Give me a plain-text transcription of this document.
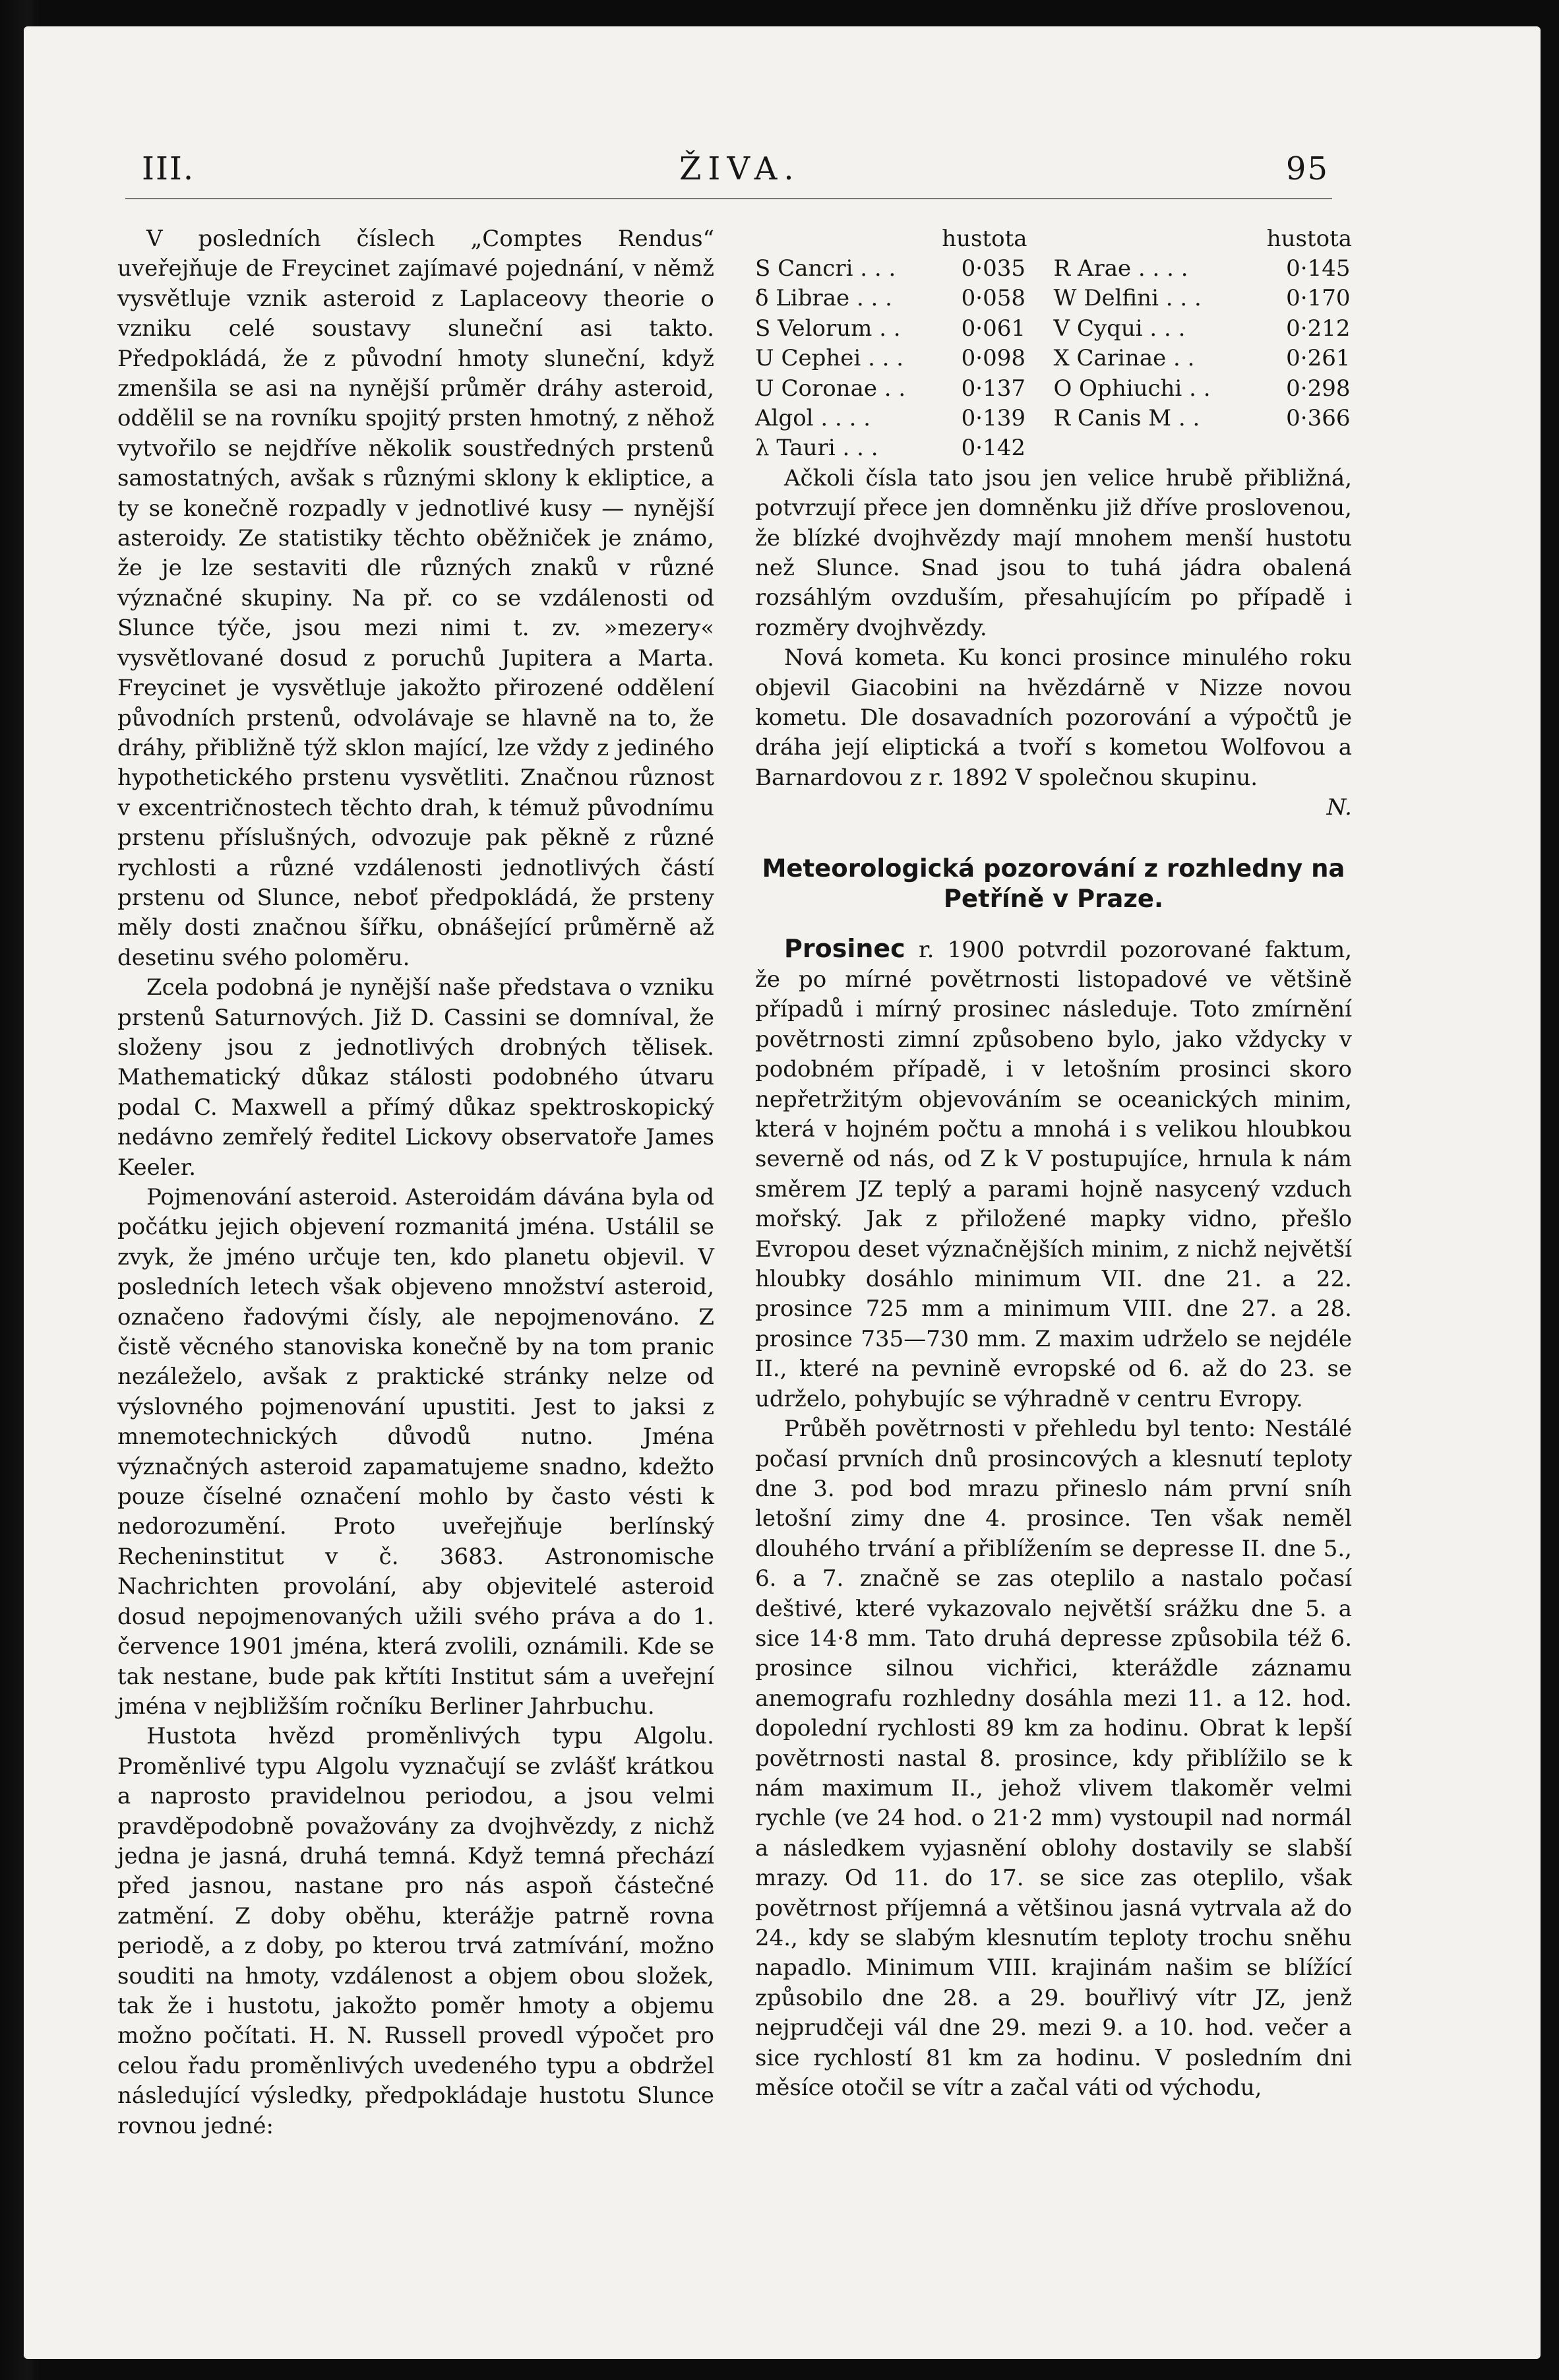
III.	ŽIVA.	95

V posledních číslech „Comptes Rendus“ uveřejňuje de Freycinet zajímavé pojednání, v němž vysvětluje vznik asteroid z Laplaceovy theorie o vzniku celé soustavy sluneční asi takto. Předpokládá, že z původní hmoty sluneční, když zmenšila se asi na nynější průměr dráhy asteroid, oddělil se na rovníku spojitý prsten hmotný, z něhož vytvořilo se nejdříve několik soustředných prstenů samostatných, avšak s různými sklony k ekliptice, a ty se konečně rozpadly v jednotlivé kusy — nynější asteroidy. Ze statistiky těchto oběžniček je známo, že je lze sestaviti dle různých znaků v různé význačné skupiny. Na př. co se vzdálenosti od Slunce týče, jsou mezi nimi t. zv. »mezery« vysvětlované dosud z poruchů Jupitera a Marta. Freycinet je vysvětluje jakožto přirozené oddělení původních prstenů, odvolávaje se hlavně na to, že dráhy, přibližně týž sklon mající, lze vždy z jediného hypothetického prstenu vysvětliti. Značnou různost v excentričnostech těchto drah, k témuž původnímu prstenu příslušných, odvozuje pak pěkně z různé rychlosti a různé vzdálenosti jednotlivých částí prstenu od Slunce, neboť předpokládá, že prsteny měly dosti značnou šířku, obnášející průměrně až desetinu svého poloměru.

Zcela podobná je nynější naše představa o vzniku prstenů Saturnových. Již D. Cassini se domníval, že složeny jsou z jednotlivých drobných tělisek. Mathematický důkaz stálosti podobného útvaru podal C. Maxwell a přímý důkaz spektroskopický nedávno zemřelý ředitel Lickovy observatoře James Keeler.

Pojmenování asteroid. Asteroidám dávána byla od počátku jejich objevení rozmanitá jména. Ustálil se zvyk, že jméno určuje ten, kdo planetu objevil. V posledních letech však objeveno množství asteroid, označeno řadovými čísly, ale nepojmenováno. Z čistě věcného stanoviska konečně by na tom pranic nezáleželo, avšak z praktické stránky nelze od výslovného pojmenování upustiti. Jest to jaksi z mnemotechnických důvodů nutno. Jména význačných asteroid zapamatujeme snadno, kdežto pouze číselné označení mohlo by často vésti k nedorozumění. Proto uveřejňuje berlínský Recheninstitut v č. 3683. Astronomische Nachrichten provolání, aby objevitelé asteroid dosud nepojmenovaných užili svého práva a do 1. července 1901 jména, která zvolili, oznámili. Kde se tak nestane, bude pak křtíti Institut sám a uveřejní jména v nejbližším ročníku Berliner Jahrbuchu.

Hustota hvězd proměnlivých typu Algolu. Proměnlivé typu Algolu vyznačují se zvlášť krátkou a naprosto pravidelnou periodou, a jsou velmi pravděpodobně považovány za dvojhvězdy, z nichž jedna je jasná, druhá temná. Když temná přechází před jasnou, nastane pro nás aspoň částečné zatmění. Z doby oběhu, kterážje patrně rovna periodě, a z doby, po kterou trvá zatmívání, možno souditi na hmoty, vzdálenost a objem obou složek, tak že i hustotu, jakožto poměr hmoty a objemu možno počítati. H. N. Russell provedl výpočet pro celou řadu proměnlivých uvedeného typu a obdržel následující výsledky, předpokládaje hustotu Slunce rovnou jedné:

hustota	hustota
S Cancri . . .	0·035 R Arae . . . .	0·145
δ Librae . . .	0·058 W Delfini . . .	0·170
S Velorum . .	0·061 V Cyqui . . .	0·212
U Cephei . . .	0·098 X Carinae . .	0·261
U Coronae . .	0·137 O Ophiuchi . .	0·298
Algol . . . .	0·139 R Canis M . .	0·366
λ Tauri . . .	0·142

Ačkoli čísla tato jsou jen velice hrubě přibližná, potvrzují přece jen domněnku již dříve proslovenou, že blízké dvojhvězdy mají mnohem menší hustotu než Slunce. Snad jsou to tuhá jádra obalená rozsáhlým ovzduším, přesahujícím po případě i rozměry dvojhvězdy.

Nová kometa. Ku konci prosince minulého roku objevil Giacobini na hvězdárně v Nizze novou kometu. Dle dosavadních pozorování a výpočtů je dráha její eliptická a tvoří s kometou Wolfovou a Barnardovou z r. 1892 V společnou skupinu.

N.

Meteorologická pozorování z rozhledny na Petříně v Praze.

Prosinec r. 1900 potvrdil pozorované faktum, že po mírné povětrnosti listopadové ve většině případů i mírný prosinec následuje. Toto zmírnění povětrnosti zimní způsobeno bylo, jako vždycky v podobném případě, i v letošním prosinci skoro nepřetržitým objevováním se oceanických minim, která v hojném počtu a mnohá i s velikou hloubkou severně od nás, od Z k V postupujíce, hrnula k nám směrem JZ teplý a parami hojně nasycený vzduch mořský. Jak z přiložené mapky vidno, přešlo Evropou deset význačnějších minim, z nichž největší hloubky dosáhlo minimum VII. dne 21. a 22. prosince 725 mm a minimum VIII. dne 27. a 28. prosince 735—730 mm. Z maxim udrželo se nejdéle II., které na pevnině evropské od 6. až do 23. se udrželo, pohybujíc se výhradně v centru Evropy.

Průběh povětrnosti v přehledu byl tento: Nestálé počasí prvních dnů prosincových a klesnutí teploty dne 3. pod bod mrazu přineslo nám první sníh letošní zimy dne 4. prosince. Ten však neměl dlouhého trvání a přiblížením se depresse II. dne 5., 6. a 7. značně se zas oteplilo a nastalo počasí deštivé, které vykazovalo největší srážku dne 5. a sice 14·8 mm. Tato druhá depresse způsobila též 6. prosince silnou vichřici, kteráždle záznamu anemografu rozhledny dosáhla mezi 11. a 12. hod. dopolední rychlosti 89 km za hodinu. Obrat k lepší povětrnosti nastal 8. prosince, kdy přiblížilo se k nám maximum II., jehož vlivem tlakoměr velmi rychle (ve 24 hod. o 21·2 mm) vystoupil nad normál a následkem vyjasnění oblohy dostavily se slabší mrazy. Od 11. do 17. se sice zas oteplilo, však povětrnost příjemná a většinou jasná vytrvala až do 24., kdy se slabým klesnutím teploty trochu sněhu napadlo. Minimum VIII. krajinám našim se blížící způsobilo dne 28. a 29. bouřlivý vítr JZ, jenž nejprudčeji vál dne 29. mezi 9. a 10. hod. večer a sice rychlostí 81 km za hodinu. V posledním dni měsíce otočil se vítr a začal váti od východu,
